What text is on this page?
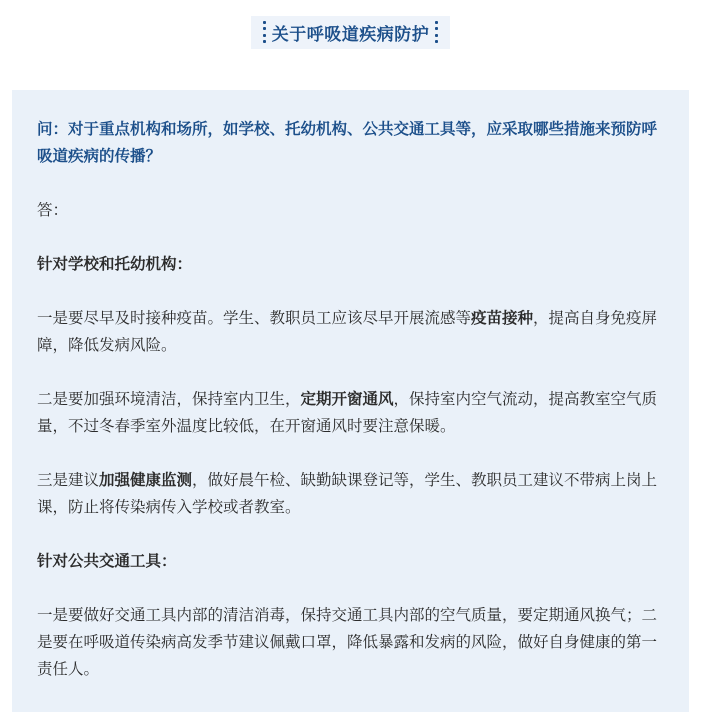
关于呼吸道疾病防护

问：对于重点机构和场所，如学校、托幼机构、公共交通工具等，应采取哪些措施来预防呼吸道疾病的传播？

答：

针对学校和托幼机构：

一是要尽早及时接种疫苗。学生、教职员工应该尽早开展流感等疫苗接种，提高自身免疫屏障，降低发病风险。

二是要加强环境清洁，保持室内卫生，定期开窗通风，保持室内空气流动，提高教室空气质量，不过冬春季室外温度比较低，在开窗通风时要注意保暖。

三是建议加强健康监测，做好晨午检、缺勤缺课登记等，学生、教职员工建议不带病上岗上课，防止将传染病传入学校或者教室。

针对公共交通工具：

一是要做好交通工具内部的清洁消毒，保持交通工具内部的空气质量，要定期通风换气；二是要在呼吸道传染病高发季节建议佩戴口罩，降低暴露和发病的风险，做好自身健康的第一责任人。
